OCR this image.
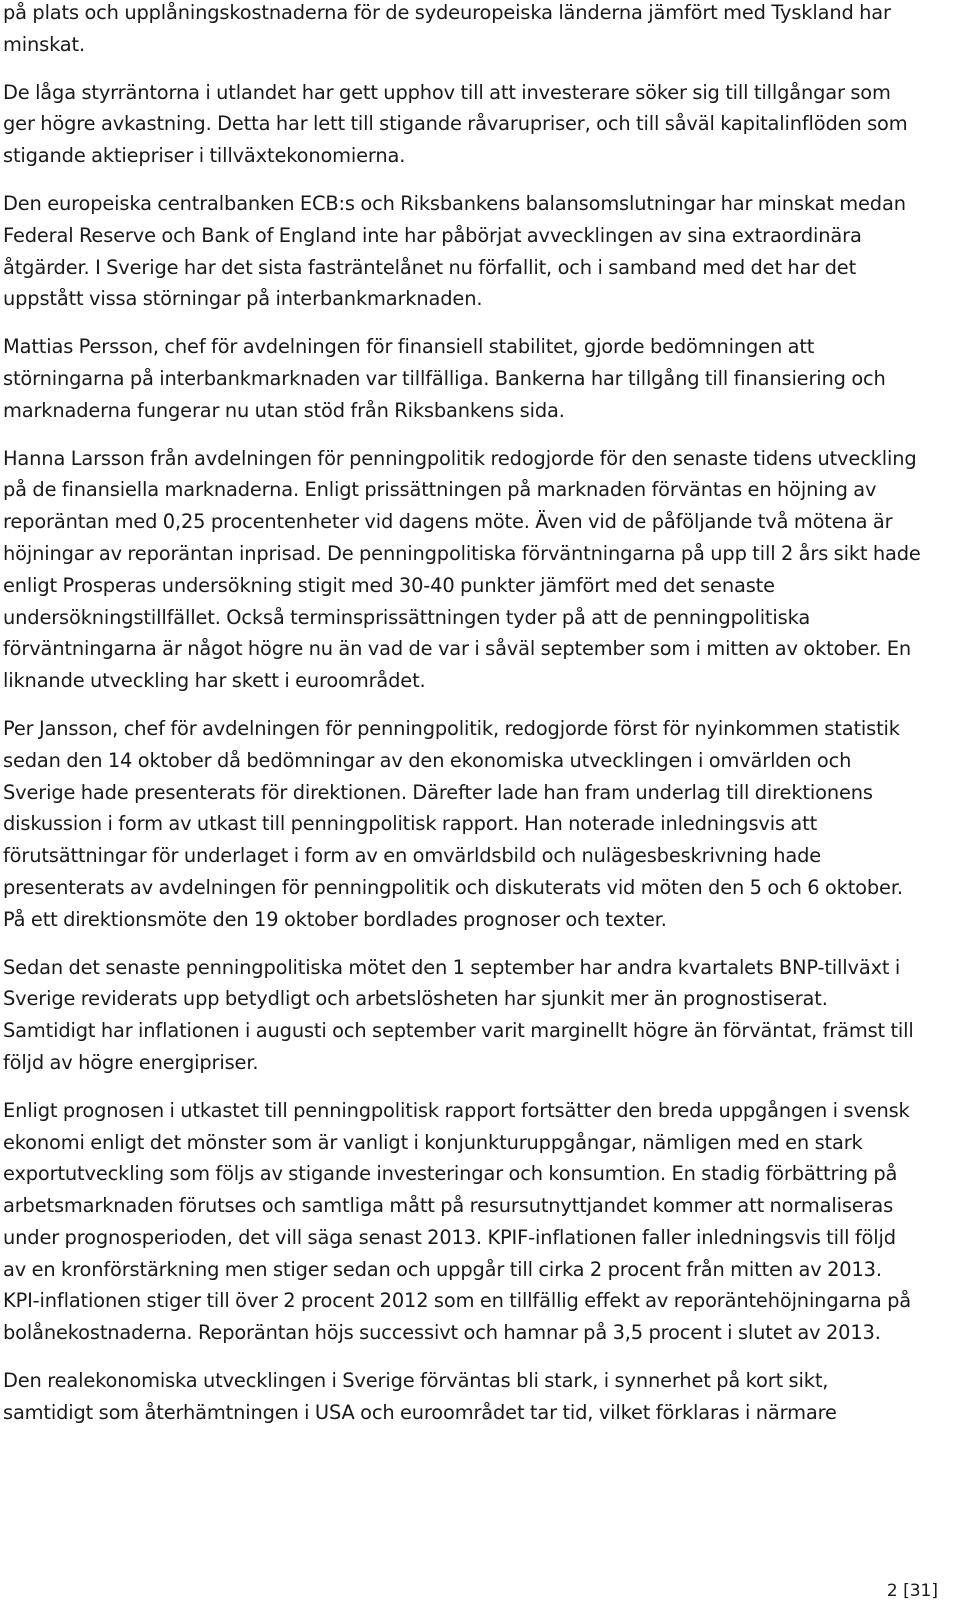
på plats och upplåningskostnaderna för de sydeuropeiska länderna jämfört med Tyskland har minskat.

De låga styrräntorna i utlandet har gett upphov till att investerare söker sig till tillgångar som ger högre avkastning. Detta har lett till stigande råvarupriser, och till såväl kapitalinflöden som stigande aktiepriser i tillväxtekonomierna.

Den europeiska centralbanken ECB:s och Riksbankens balansomslutningar har minskat medan Federal Reserve och Bank of England inte har påbörjat avvecklingen av sina extraordinära åtgärder. I Sverige har det sista fasträntelånet nu förfallit, och i samband med det har det uppstått vissa störningar på interbankmarknaden.

Mattias Persson, chef för avdelningen för finansiell stabilitet, gjorde bedömningen att störningarna på interbankmarknaden var tillfälliga. Bankerna har tillgång till finansiering och marknaderna fungerar nu utan stöd från Riksbankens sida.

Hanna Larsson från avdelningen för penningpolitik redogjorde för den senaste tidens utveckling på de finansiella marknaderna. Enligt prissättningen på marknaden förväntas en höjning av reporäntan med 0,25 procentenheter vid dagens möte. Även vid de påföljande två mötena är höjningar av reporäntan inprisad. De penningpolitiska förväntningarna på upp till 2 års sikt hade enligt Prosperas undersökning stigit med 30-40 punkter jämfört med det senaste undersökningstillfället. Också terminsprissättningen tyder på att de penningpolitiska förväntningarna är något högre nu än vad de var i såväl september som i mitten av oktober. En liknande utveckling har skett i euroområdet.

Per Jansson, chef för avdelningen för penningpolitik, redogjorde först för nyinkommen statistik sedan den 14 oktober då bedömningar av den ekonomiska utvecklingen i omvärlden och Sverige hade presenterats för direktionen. Därefter lade han fram underlag till direktionens diskussion i form av utkast till penningpolitisk rapport. Han noterade inledningsvis att förutsättningar för underlaget i form av en omvärldsbild och nulägesbeskrivning hade presenterats av avdelningen för penningpolitik och diskuterats vid möten den 5 och 6 oktober. På ett direktionsmöte den 19 oktober bordlades prognoser och texter.

Sedan det senaste penningpolitiska mötet den 1 september har andra kvartalets BNP-tillväxt i Sverige reviderats upp betydligt och arbetslösheten har sjunkit mer än prognostiserat. Samtidigt har inflationen i augusti och september varit marginellt högre än förväntat, främst till följd av högre energipriser.

Enligt prognosen i utkastet till penningpolitisk rapport fortsätter den breda uppgången i svensk ekonomi enligt det mönster som är vanligt i konjunkturuppgångar, nämligen med en stark exportutveckling som följs av stigande investeringar och konsumtion. En stadig förbättring på arbetsmarknaden förutses och samtliga mått på resursutnyttjandet kommer att normaliseras under prognosperioden, det vill säga senast 2013. KPIF-inflationen faller inledningsvis till följd av en kronförstärkning men stiger sedan och uppgår till cirka 2 procent från mitten av 2013. KPI-inflationen stiger till över 2 procent 2012 som en tillfällig effekt av reporäntehöjningarna på bolånekostnaderna. Reporäntan höjs successivt och hamnar på 3,5 procent i slutet av 2013.

Den realekonomiska utvecklingen i Sverige förväntas bli stark, i synnerhet på kort sikt, samtidigt som återhämtningen i USA och euroområdet tar tid, vilket förklaras i närmare

2 [31]
